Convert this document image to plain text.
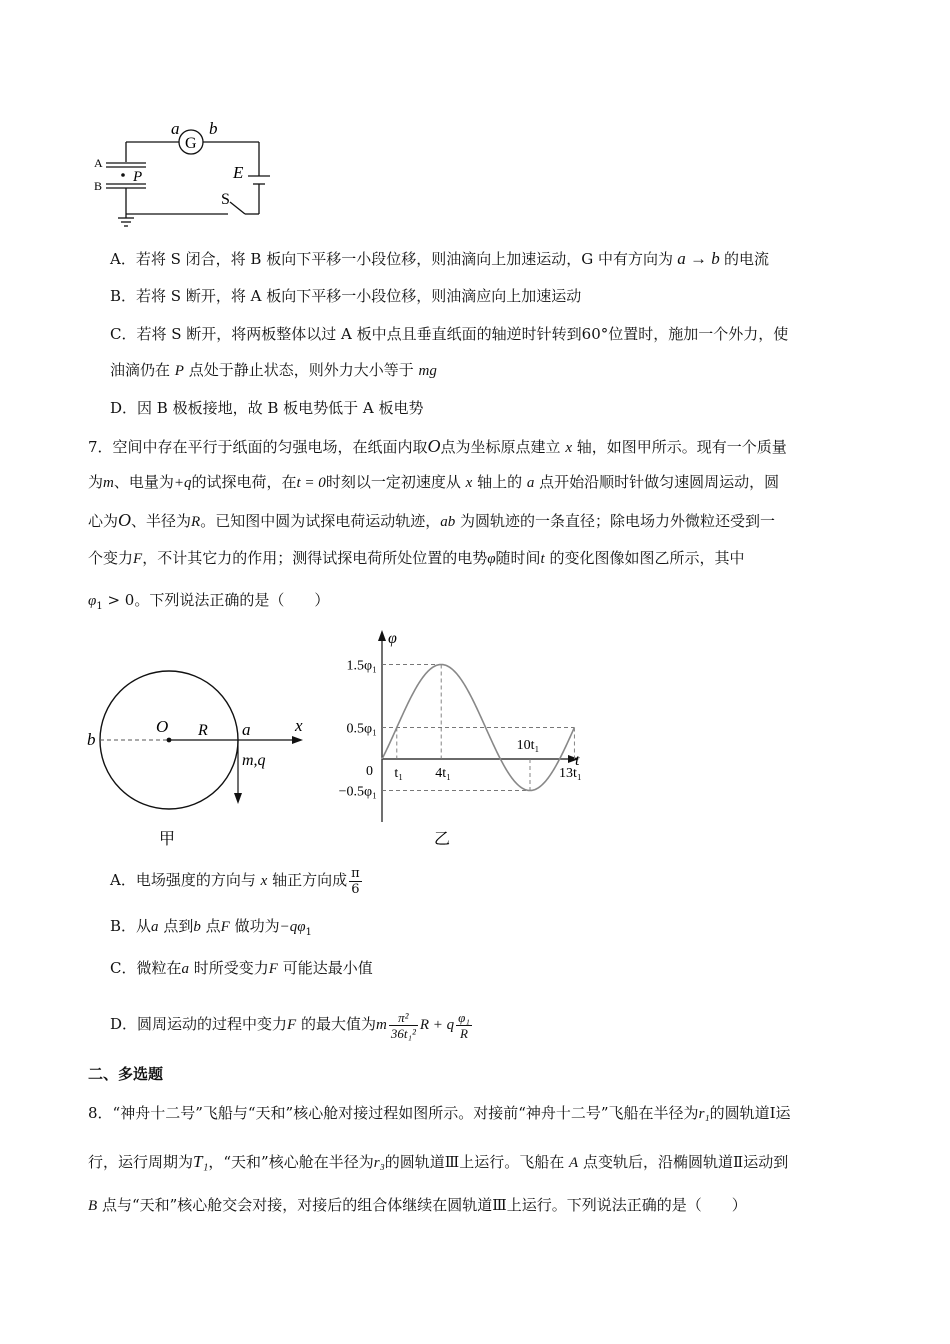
G
a b
A
B
P	E
S
A．若将 S 闭合，将 B 板向下平移一小段位移，则油滴向上加速运动，G 中有方向为 a → b 的电流
B．若将 S 断开，将 A 板向下平移一小段位移，则油滴应向上加速运动
C．若将 S 断开，将两板整体以过 A 板中点且垂直纸面的轴逆时针转到60°位置时，施加一个外力，使
油滴仍在 P 点处于静止状态，则外力大小等于 mg
D．因 B 极板接地，故 B 板电势低于 A 板电势
7．空间中存在平行于纸面的匀强电场，在纸面内取O点为坐标原点建立 x 轴，如图甲所示。现有一个质量
为m、电量为+q的试探电荷，在t = 0时刻以一定初速度从 x 轴上的 a 点开始沿顺时针做匀速圆周运动，圆
心为O、半径为R。已知图中圆为试探电荷运动轨迹，ab 为圆轨迹的一条直径；除电场力外微粒还受到一
个变力F，不计其它力的作用；测得试探电荷所处位置的电势φ随时间t 的变化图像如图乙所示，其中
$\varphi_1 > 0$。下列说法正确的是（　　）
b
O R a	x
m,q
甲
1.5φ₁
0.5φ₁
−0.5φ₁
t₁ 4t₁
10t₁
13t₁
φ
t
0
乙
A．电场强度的方向与 x 轴正方向成 $\frac{\pi}{6}$
B．从a 点到b 点F 做功为$-q\varphi_1$
C．微粒在a 时所受变力F 可能达最小值
D．圆周运动的过程中变力F 的最大值为m $\frac{\text{π²}}{\text{36t₁²}}$ R + q $\frac{\text{φ₁}}{R}$
二、多选题
8．“神舟十二号”飞船与“天和”核心舱对接过程如图所示。对接前“神舟十二号”飞船在半径为r₁的圆轨道Ⅰ运
行，运行周期为T₁，“天和”核心舱在半径为r₃的圆轨道Ⅲ上运行。飞船在 A 点变轨后，沿椭圆轨道Ⅱ运动到
B 点与“天和”核心舱交会对接，对接后的组合体继续在圆轨道Ⅲ上运行。下列说法正确的是（　　）
